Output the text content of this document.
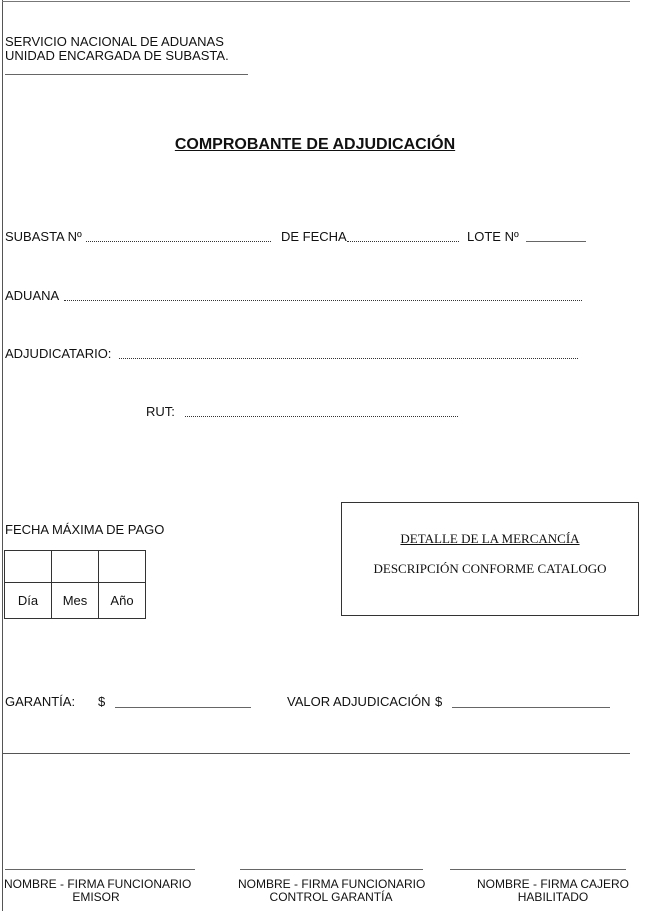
SERVICIO NACIONAL DE ADUANAS
UNIDAD ENCARGADA DE SUBASTA.
COMPROBANTE DE ADJUDICACIÓN
SUBASTA Nº	DE FECHA	LOTE Nº
ADUANA
ADJUDICATARIO:
RUT:
FECHA MÁXIMA DE PAGO

Día	Mes	Año
DETALLE DE LA MERCANCÍA
DESCRIPCIÓN CONFORME CATALOGO
GARANTÍA: $	VALOR ADJUDICACIÓN $
NOMBRE - FIRMA FUNCIONARIO
EMISOR
NOMBRE - FIRMA FUNCIONARIO
CONTROL GARANTÍA
NOMBRE - FIRMA CAJERO
HABILITADO
